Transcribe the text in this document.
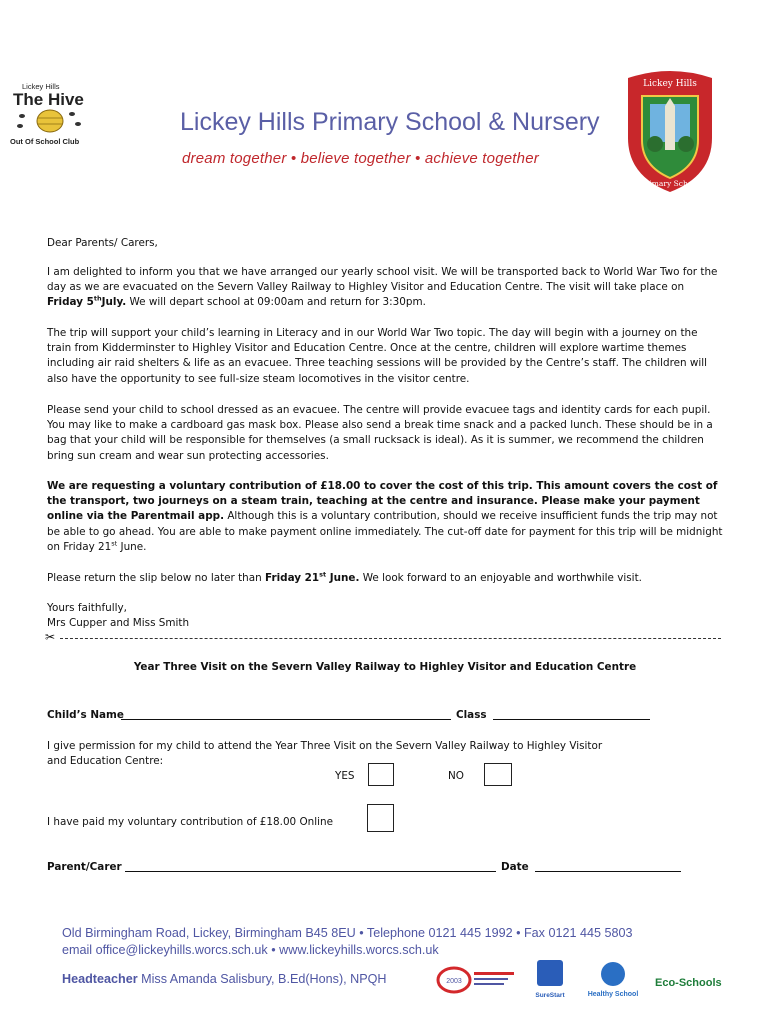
Lickey Hills
The Hive
Out Of School Club
Lickey Hills Primary School & Nursery
dream together • believe together • achieve together
Lickey Hills
Primary School
Dear Parents/ Carers,
I am delighted to inform you that we have arranged our yearly school visit. We will be transported back to World War Two for the day as we are evacuated on the Severn Valley Railway to Highley Visitor and Education Centre. The visit will take place on Friday 5thJuly. We will depart school at 09:00am and return for 3:30pm.
The trip will support your child’s learning in Literacy and in our World War Two topic. The day will begin with a journey on the train from Kidderminster to Highley Visitor and Education Centre. Once at the centre, children will explore wartime themes including air raid shelters & life as an evacuee. Three teaching sessions will be provided by the Centre’s staff. The children will also have the opportunity to see full-size steam locomotives in the visitor centre.
Please send your child to school dressed as an evacuee. The centre will provide evacuee tags and identity cards for each pupil. You may like to make a cardboard gas mask box. Please also send a break time snack and a packed lunch. These should be in a bag that your child will be responsible for themselves (a small rucksack is ideal). As it is summer, we recommend the children bring sun cream and wear sun protecting accessories.
We are requesting a voluntary contribution of £18.00 to cover the cost of this trip. This amount covers the cost of the transport, two journeys on a steam train, teaching at the centre and insurance. Please make your payment online via the Parentmail app. Although this is a voluntary contribution, should we receive insufficient funds the trip may not be able to go ahead. You are able to make payment online immediately. The cut-off date for payment for this trip will be midnight on Friday 21st June.
Please return the slip below no later than Friday 21st June. We look forward to an enjoyable and worthwhile visit.
Yours faithfully,
Mrs Cupper and Miss Smith
✂
Year Three Visit on the Severn Valley Railway to Highley Visitor and Education Centre
Child’s Name	Class
I give permission for my child to attend the Year Three Visit on the Severn Valley Railway to Highley Visitor and Education Centre:
YES	NO
I have paid my voluntary contribution of £18.00 Online
Parent/Carer	Date
Old Birmingham Road, Lickey, Birmingham B45 8EU • Telephone 0121 445 1992 • Fax 0121 445 5803
email office@lickeyhills.worcs.sch.uk • www.lickeyhills.worcs.sch.uk
Headteacher Miss Amanda Salisbury, B.Ed(Hons), NPQH	2003
SureStart	Healthy School
Eco-Schools
